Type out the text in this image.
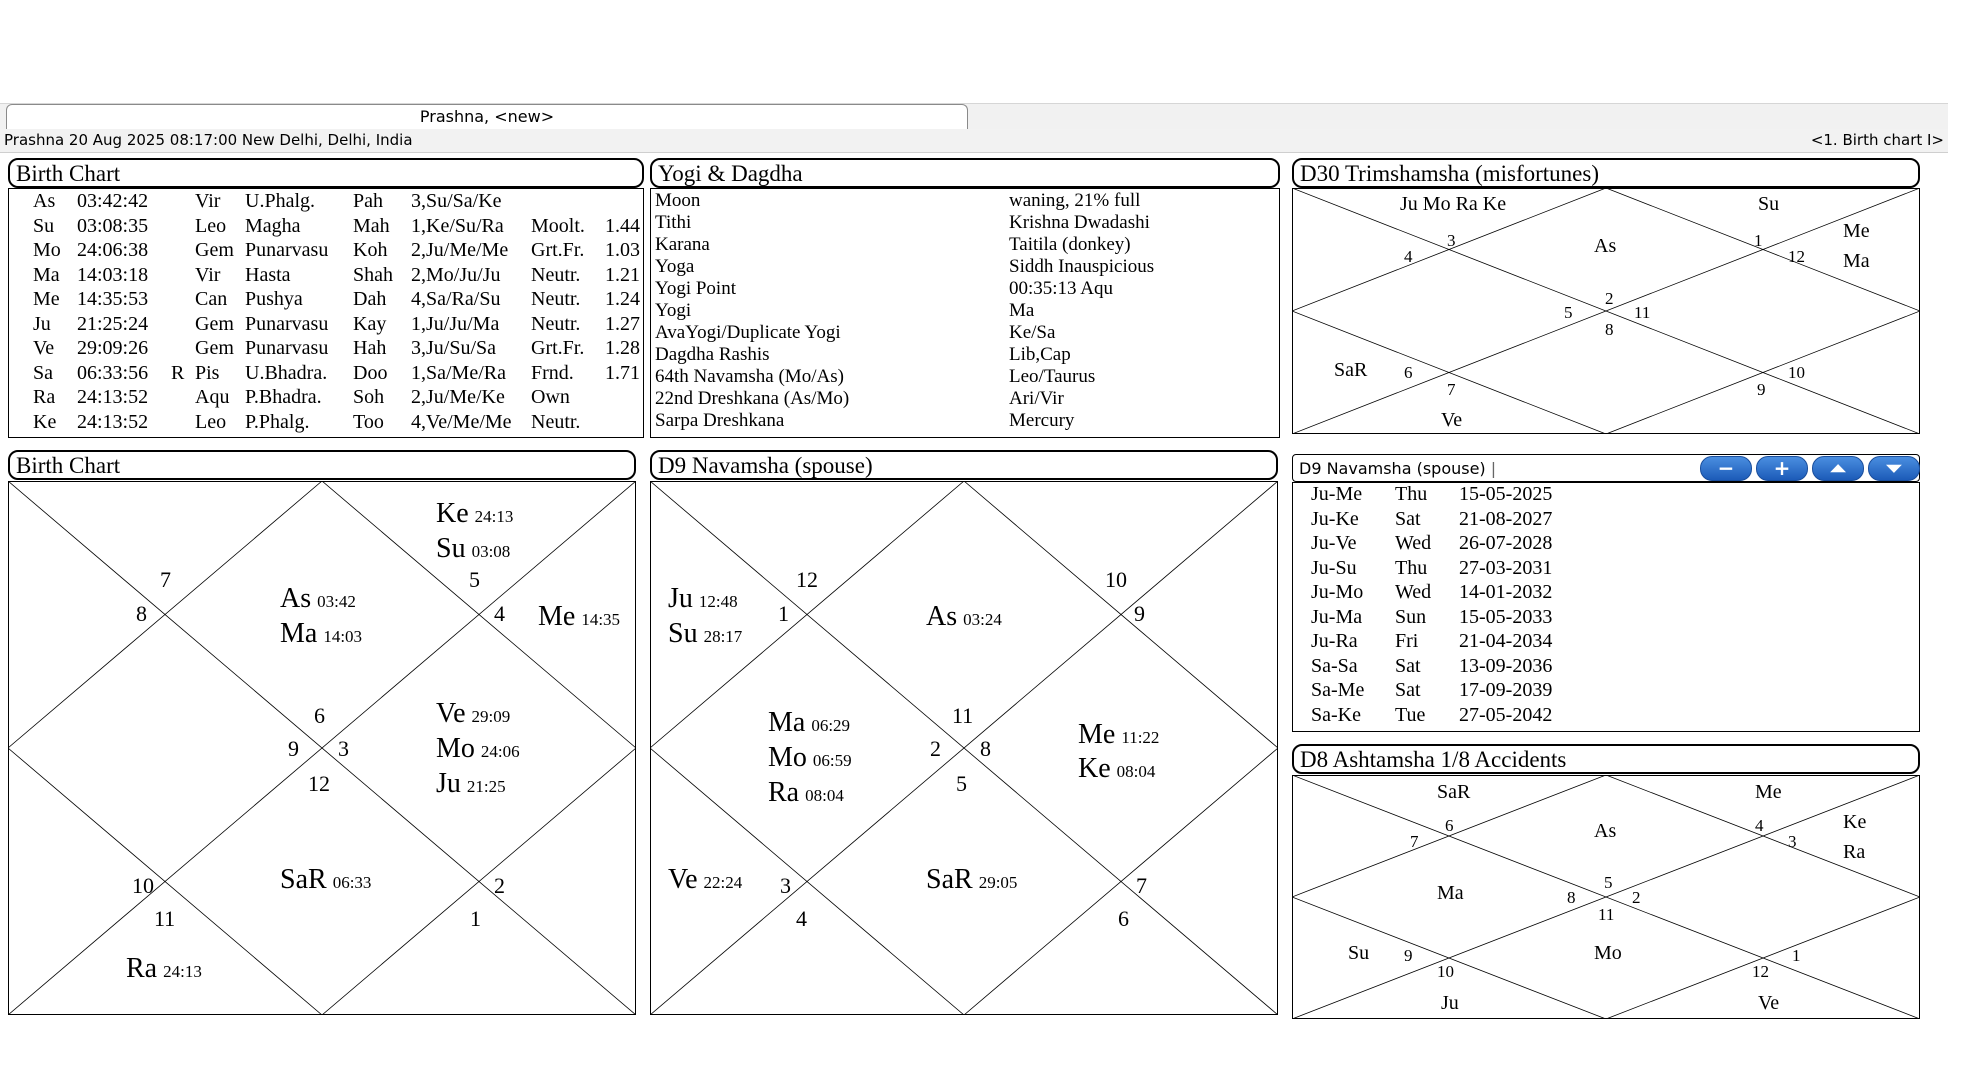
Prashna, <new>
Prashna 20 Aug 2025 08:17:00 New Delhi, Delhi, India	<1. Birth chart I>
Birth Chart
As 03:42:42 Vir U.Phalg. Pah 3,Su/Sa/Ke
Su 03:08:35 Leo Magha	Mah 1,Ke/Su/Ra Moolt. 1.44
Mo 24:06:38 Gem Punarvasu Koh 2,Ju/Me/Me Grt.Fr. 1.03
Ma 14:03:18 Vir Hasta	Shah 2,Mo/Ju/Ju Neutr. 1.21
Me 14:35:53 Can Pushya	Dah 4,Sa/Ra/Su Neutr. 1.24
Ju 21:25:24 Gem Punarvasu Kay 1,Ju/Ju/Ma Neutr. 1.27
Ve 29:09:26 Gem Punarvasu Hah 3,Ju/Su/Sa Grt.Fr. 1.28
Sa 06:33:56 R Pis U.Bhadra. Doo 1,Sa/Me/Ra Frnd. 1.71
Ra 24:13:52 Aqu P.Bhadra. Soh 2,Ju/Me/Ke Own
Ke 24:13:52 Leo P.Phalg. Too 4,Ve/Me/Me Neutr.
Yogi & Dagdha
Moon	waning, 21% full
Tithi	Krishna Dwadashi
Karana	Taitila (donkey)
Yoga	Siddh Inauspicious
Yogi Point	00:35:13 Aqu
Yogi	Ma
AvaYogi/Duplicate Yogi	Ke/Sa
Dagdha Rashis	Lib,Cap
64th Navamsha (Mo/As)	Leo/Taurus
22nd Dreshkana (As/Mo)	Ari/Vir
Sarpa Dreshkana	Mercury
D30 Trimshamsha (misfortunes)
2
3
4
1
12
5	11
8
6
7
10
9
Ju Mo Ra Ke	Su
Me
Ma
As
SaR
Ve
Birth Chart
7
8
5
4
6
9 3
12
10
11
2
1
Ke 24:13
Su 03:08
As 03:42
Ma 14:03
Me 14:35
Ve 29:09
Mo 24:06
Ju 21:25
SaR 06:33
Ra 24:13
D9 Navamsha (spouse)
12
1
10
9
11
2 8
5
3
4
7
6
Ju 12:48
Su 28:17
As 03:24
Ma 06:29
Mo 06:59
Ra 08:04
Me 11:22
Ke 08:04
Ve 22:24	SaR 29:05
D9 Navamsha (spouse) |	−	+	⏶	⏷
Ju-Me Thu 15-05-2025
Ju-Ke Sat 21-08-2027
Ju-Ve Wed 26-07-2028
Ju-Su Thu 27-03-2031
Ju-Mo Wed 14-01-2032
Ju-Ma Sun 15-05-2033
Ju-Ra Fri 21-04-2034
Sa-Sa Sat 13-09-2036
Sa-Me Sat 17-09-2039
Sa-Ke Tue 27-05-2042
D8 Ashtamsha 1/8 Accidents
6
7
4
3
5
8
11
2
9
10	12
1
SaR	Me
Ke
Ra
As
Ma
Mo
Su
Ju	Ve
